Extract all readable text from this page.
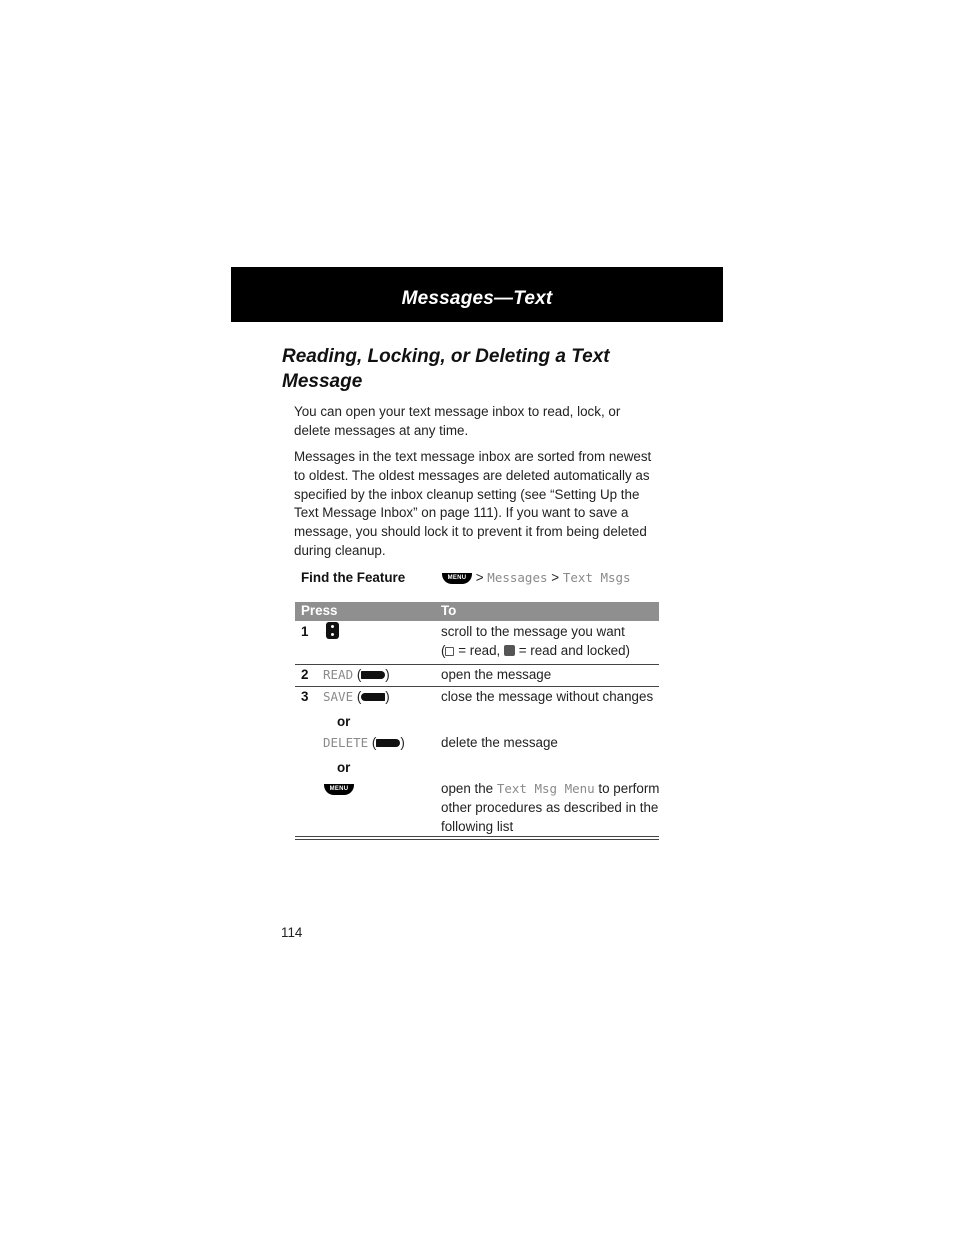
Messages—Text
Reading, Locking, or Deleting a Text Message
You can open your text message inbox to read, lock, or delete messages at any time.
Messages in the text message inbox are sorted from newest to oldest. The oldest messages are deleted automatically as specified by the inbox cleanup setting (see “Setting Up the Text Message Inbox” on page 111). If you want to save a message, you should lock it to prevent it from being deleted during cleanup.
Find the Feature	MENU > Messages > Text Msgs
Press	To
1	scroll to the message you want
( = read,  = read and locked)
2 READ ( )	open the message
3 SAVE ( )	close the message without changes
or
DELETE ( )	delete the message
or
MENU	open the Text Msg Menu to perform
other procedures as described in the
following list
114
